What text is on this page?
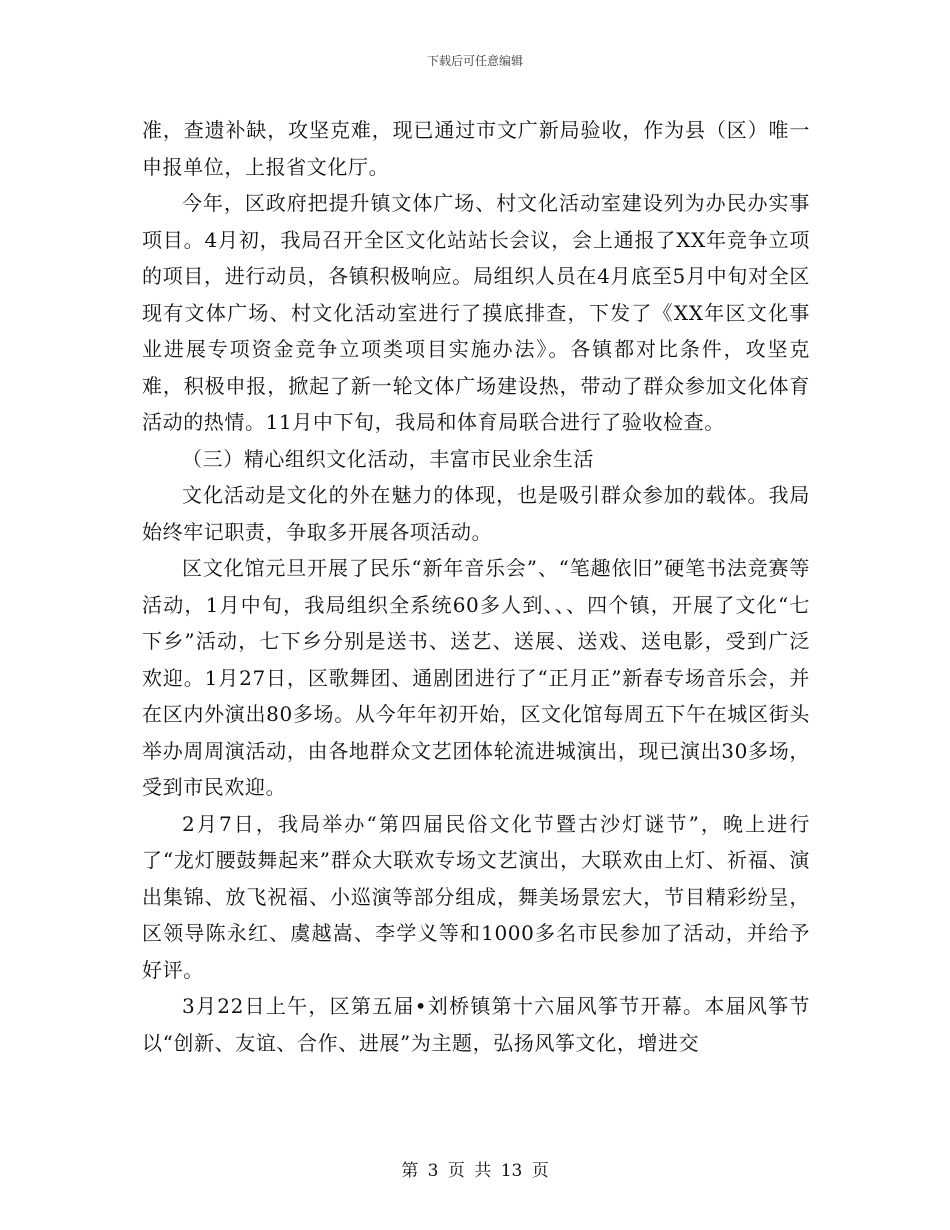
下载后可任意编辑

准，查遗补缺，攻坚克难，现已通过市文广新局验收，作为县（区）唯一申报单位，上报省文化厅。

今年，区政府把提升镇文体广场、村文化活动室建设列为办民办实事项目。4月初，我局召开全区文化站站长会议，会上通报了XX年竞争立项的项目，进行动员，各镇积极响应。局组织人员在4月底至5月中旬对全区现有文体广场、村文化活动室进行了摸底排查，下发了《XX年区文化事业进展专项资金竞争立项类项目实施办法》。各镇都对比条件，攻坚克难，积极申报，掀起了新一轮文体广场建设热，带动了群众参加文化体育活动的热情。11月中下旬，我局和体育局联合进行了验收检查。

（三）精心组织文化活动，丰富市民业余生活

文化活动是文化的外在魅力的体现，也是吸引群众参加的载体。我局始终牢记职责，争取多开展各项活动。

区文化馆元旦开展了民乐“新年音乐会”、“笔趣依旧”硬笔书法竞赛等活动，1月中旬，我局组织全系统60多人到、、、四个镇，开展了文化“七下乡”活动，七下乡分别是送书、送艺、送展、送戏、送电影，受到广泛欢迎。1月27日，区歌舞团、通剧团进行了“正月正”新春专场音乐会，并在区内外演出80多场。从今年年初开始，区文化馆每周五下午在城区街头举办周周演活动，由各地群众文艺团体轮流进城演出，现已演出30多场，受到市民欢迎。

2月7日，我局举办“第四届民俗文化节暨古沙灯谜节”，晚上进行了“龙灯腰鼓舞起来”群众大联欢专场文艺演出，大联欢由上灯、祈福、演出集锦、放飞祝福、小巡演等部分组成，舞美场景宏大，节目精彩纷呈，区领导陈永红、虞越嵩、李学义等和1000多名市民参加了活动，并给予好评。

3月22日上午，区第五届•刘桥镇第十六届风筝节开幕。本届风筝节以“创新、友谊、合作、进展”为主题，弘扬风筝文化，增进交

第 3 页 共 13 页
